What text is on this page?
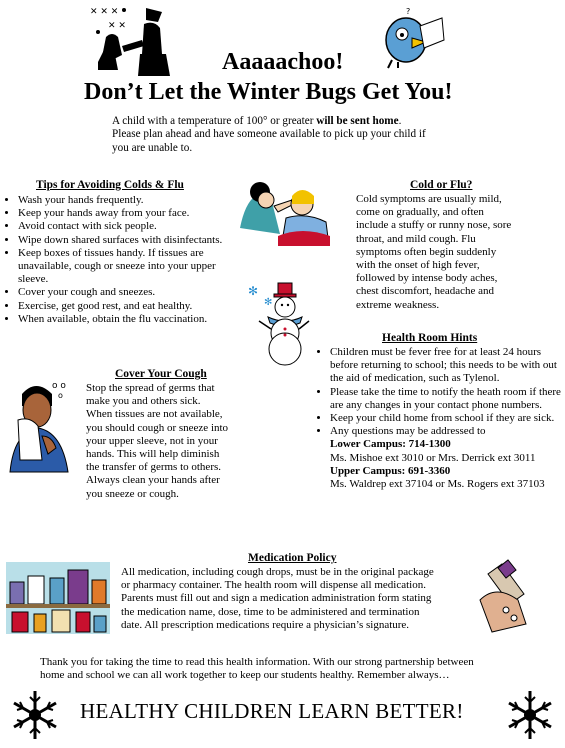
✕ ✕ ✕
✕ ✕
?
Aaaaachoo!
Don’t Let the Winter Bugs Get You!
A child with a temperature of 100° or greater will be sent home.
Please plan ahead and have someone available to pick up your child if
you are unable to.
Tips for Avoiding Colds & Flu
• Wash your hands frequently.
• Keep your hands away from your face.
• Avoid contact with sick people.
• Wipe down shared surfaces with disinfectants.
• Keep boxes of tissues handy. If tissues are unavailable, cough or sneeze into your upper sleeve.
• Cover your cough and sneezes.
• Exercise, get good rest, and eat healthy.
• When available, obtain the flu vaccination.
✻
✻
Cold or Flu?
Cold symptoms are usually mild,
come on gradually, and often
include a stuffy or runny nose, sore
throat, and mild cough. Flu
symptoms often begin suddenly
with the onset of high fever,
followed by intense body aches,
chest discomfort, headache and
extreme weakness.
Cover Your Cough
o o
o
Stop the spread of germs that
make you and others sick.
When tissues are not available,
you should cough or sneeze into
your upper sleeve, not in your
hands. This will help diminish
the transfer of germs to others.
Always clean your hands after
you sneeze or cough.
Health Room Hints
• Children must be fever free for at least 24 hours before returning to school; this needs to be with out the aid of medication, such as Tylenol.
• Please take the time to notify the heath room if there are any changes in your contact phone numbers.
• Keep your child home from school if they are sick.
• Any questions may be addressed to
Lower Campus: 714-1300
Ms. Mishoe ext 3010 or Mrs. Derrick ext 3011
Upper Campus: 691-3360
Ms. Waldrep ext 37104 or Ms. Rogers ext 37103
Medication Policy
All medication, including cough drops, must be in the original package
or pharmacy container. The health room will dispense all medication.
Parents must fill out and sign a medication administration form stating
the medication name, dose, time to be administered and termination
date. All prescription medications require a physician’s signature.
Thank you for taking the time to read this health information. With our strong partnership between
home and school we can all work together to keep our students healthy. Remember always…
HEALTHY CHILDREN LEARN BETTER!
